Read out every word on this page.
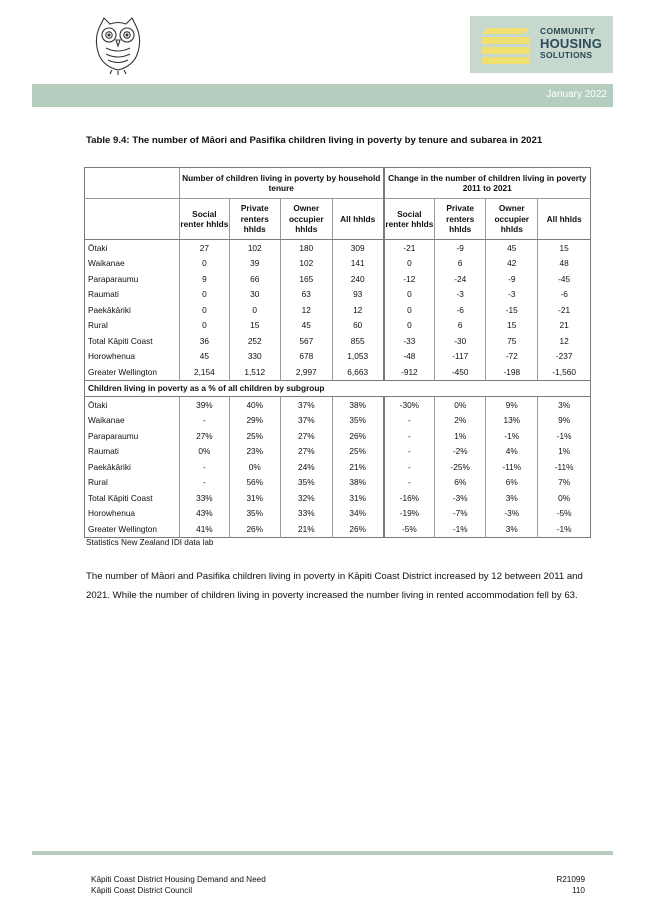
COMMUNITY
HOUSING
SOLUTIONS
January 2022
Table 9.4: The number of Māori and Pasifika children living in poverty by tenure and subarea in 2021
	Number of children living in poverty by household tenure				Change in the number of children living in poverty 2011 to 2021			
	Social renter hhlds	Private renters hhlds	Owner occupier hhlds	All hhlds	Social renter hhlds	Private renters hhlds	Owner occupier hhlds	All hhlds
Ōtaki	27	102	180	309	-21	-9	45	15
Waikanae	0	39	102	141	0	6	42	48
Paraparaumu	9	66	165	240	-12	-24	-9	-45
Raumati	0	30	63	93	0	-3	-3	-6
Paekākāriki	0	0	12	12	0	-6	-15	-21
Rural	0	15	45	60	0	6	15	21
Total Kāpiti Coast	36	252	567	855	-33	-30	75	12
Horowhenua	45	330	678	1,053	-48	-117	-72	-237
Greater Wellington	2,154	1,512	2,997	6,663	-912	-450	-198	-1,560
Children living in poverty as a % of all children by subgroup								
Ōtaki	39%	40%	37%	38%	-30%	0%	9%	3%
Waikanae	-	29%	37%	35%	-	2%	13%	9%
Paraparaumu	27%	25%	27%	26%	-	1%	-1%	-1%
Raumati	0%	23%	27%	25%	-	-2%	4%	1%
Paekākāriki	-	0%	24%	21%	-	-25%	-11%	-11%
Rural	-	56%	35%	38%	-	6%	6%	7%
Total Kāpiti Coast	33%	31%	32%	31%	-16%	-3%	3%	0%
Horowhenua	43%	35%	33%	34%	-19%	-7%	-3%	-5%
Greater Wellington	41%	26%	21%	26%	-5%	-1%	3%	-1%
Statistics New Zealand IDI data lab
The number of Māori and Pasifika children living in poverty in Kāpiti Coast District increased by 12 between 2011 and 2021. While the number of children living in poverty increased the number living in rented accommodation fell by 63.
Kāpiti Coast District Housing Demand and Need
Kāpiti Coast District Council
R21099
110
